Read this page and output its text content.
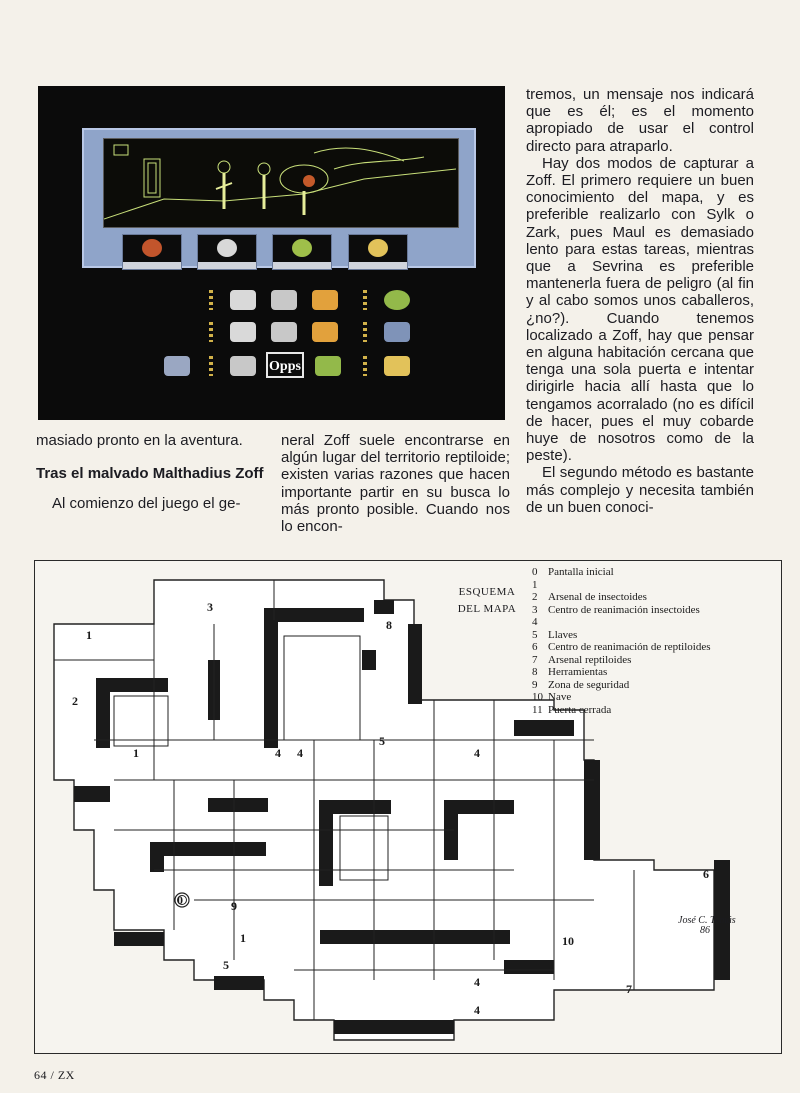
Opps

masiado pronto en la aventura.

Tras el malvado Malthadius Zoff

Al comienzo del juego el ge-

neral Zoff suele encontrarse en algún lugar del territorio reptiloide; existen varias razones que hacen importante partir en su busca lo más pronto posible. Cuando nos lo encon-

tremos, un mensaje nos indicará que es él; es el momento apropiado de usar el control directo para atraparlo.

Hay dos modos de capturar a Zoff. El primero requiere un buen conocimiento del mapa, y es preferible realizarlo con Sylk o Zark, pues Maul es demasiado lento para estas tareas, mientras que a Sevrina es preferible mantenerla fuera de peligro (al fin y al cabo somos unos caballeros, ¿no?). Cuando tenemos localizado a Zoff, hay que pensar en alguna habitación cercana que tenga una sola puerta e intentar dirigirle hacia allí hasta que lo tengamos acorralado (no es difícil de hacer, pues el muy cobarde huye de nosotros como de la peste).

El segundo método es bastante más complejo y necesita también de un buen conoci-

ESQUEMA
DEL MAPA
0 Pantalla inicial
1
2 Arsenal de insectoides
3 Centro de reanimación insectoides
4
5 Llaves
6 Centro de reanimación de reptiloides
7 Arsenal reptiloides
8 Herramientas
9 Zona de seguridad
10 Nave
11 Puerta cerrada
3
1
2
1	4 4
8
5
4
0	9
1
5
6
10
7
4
4
José C. Tomás
86
64 / ZX
